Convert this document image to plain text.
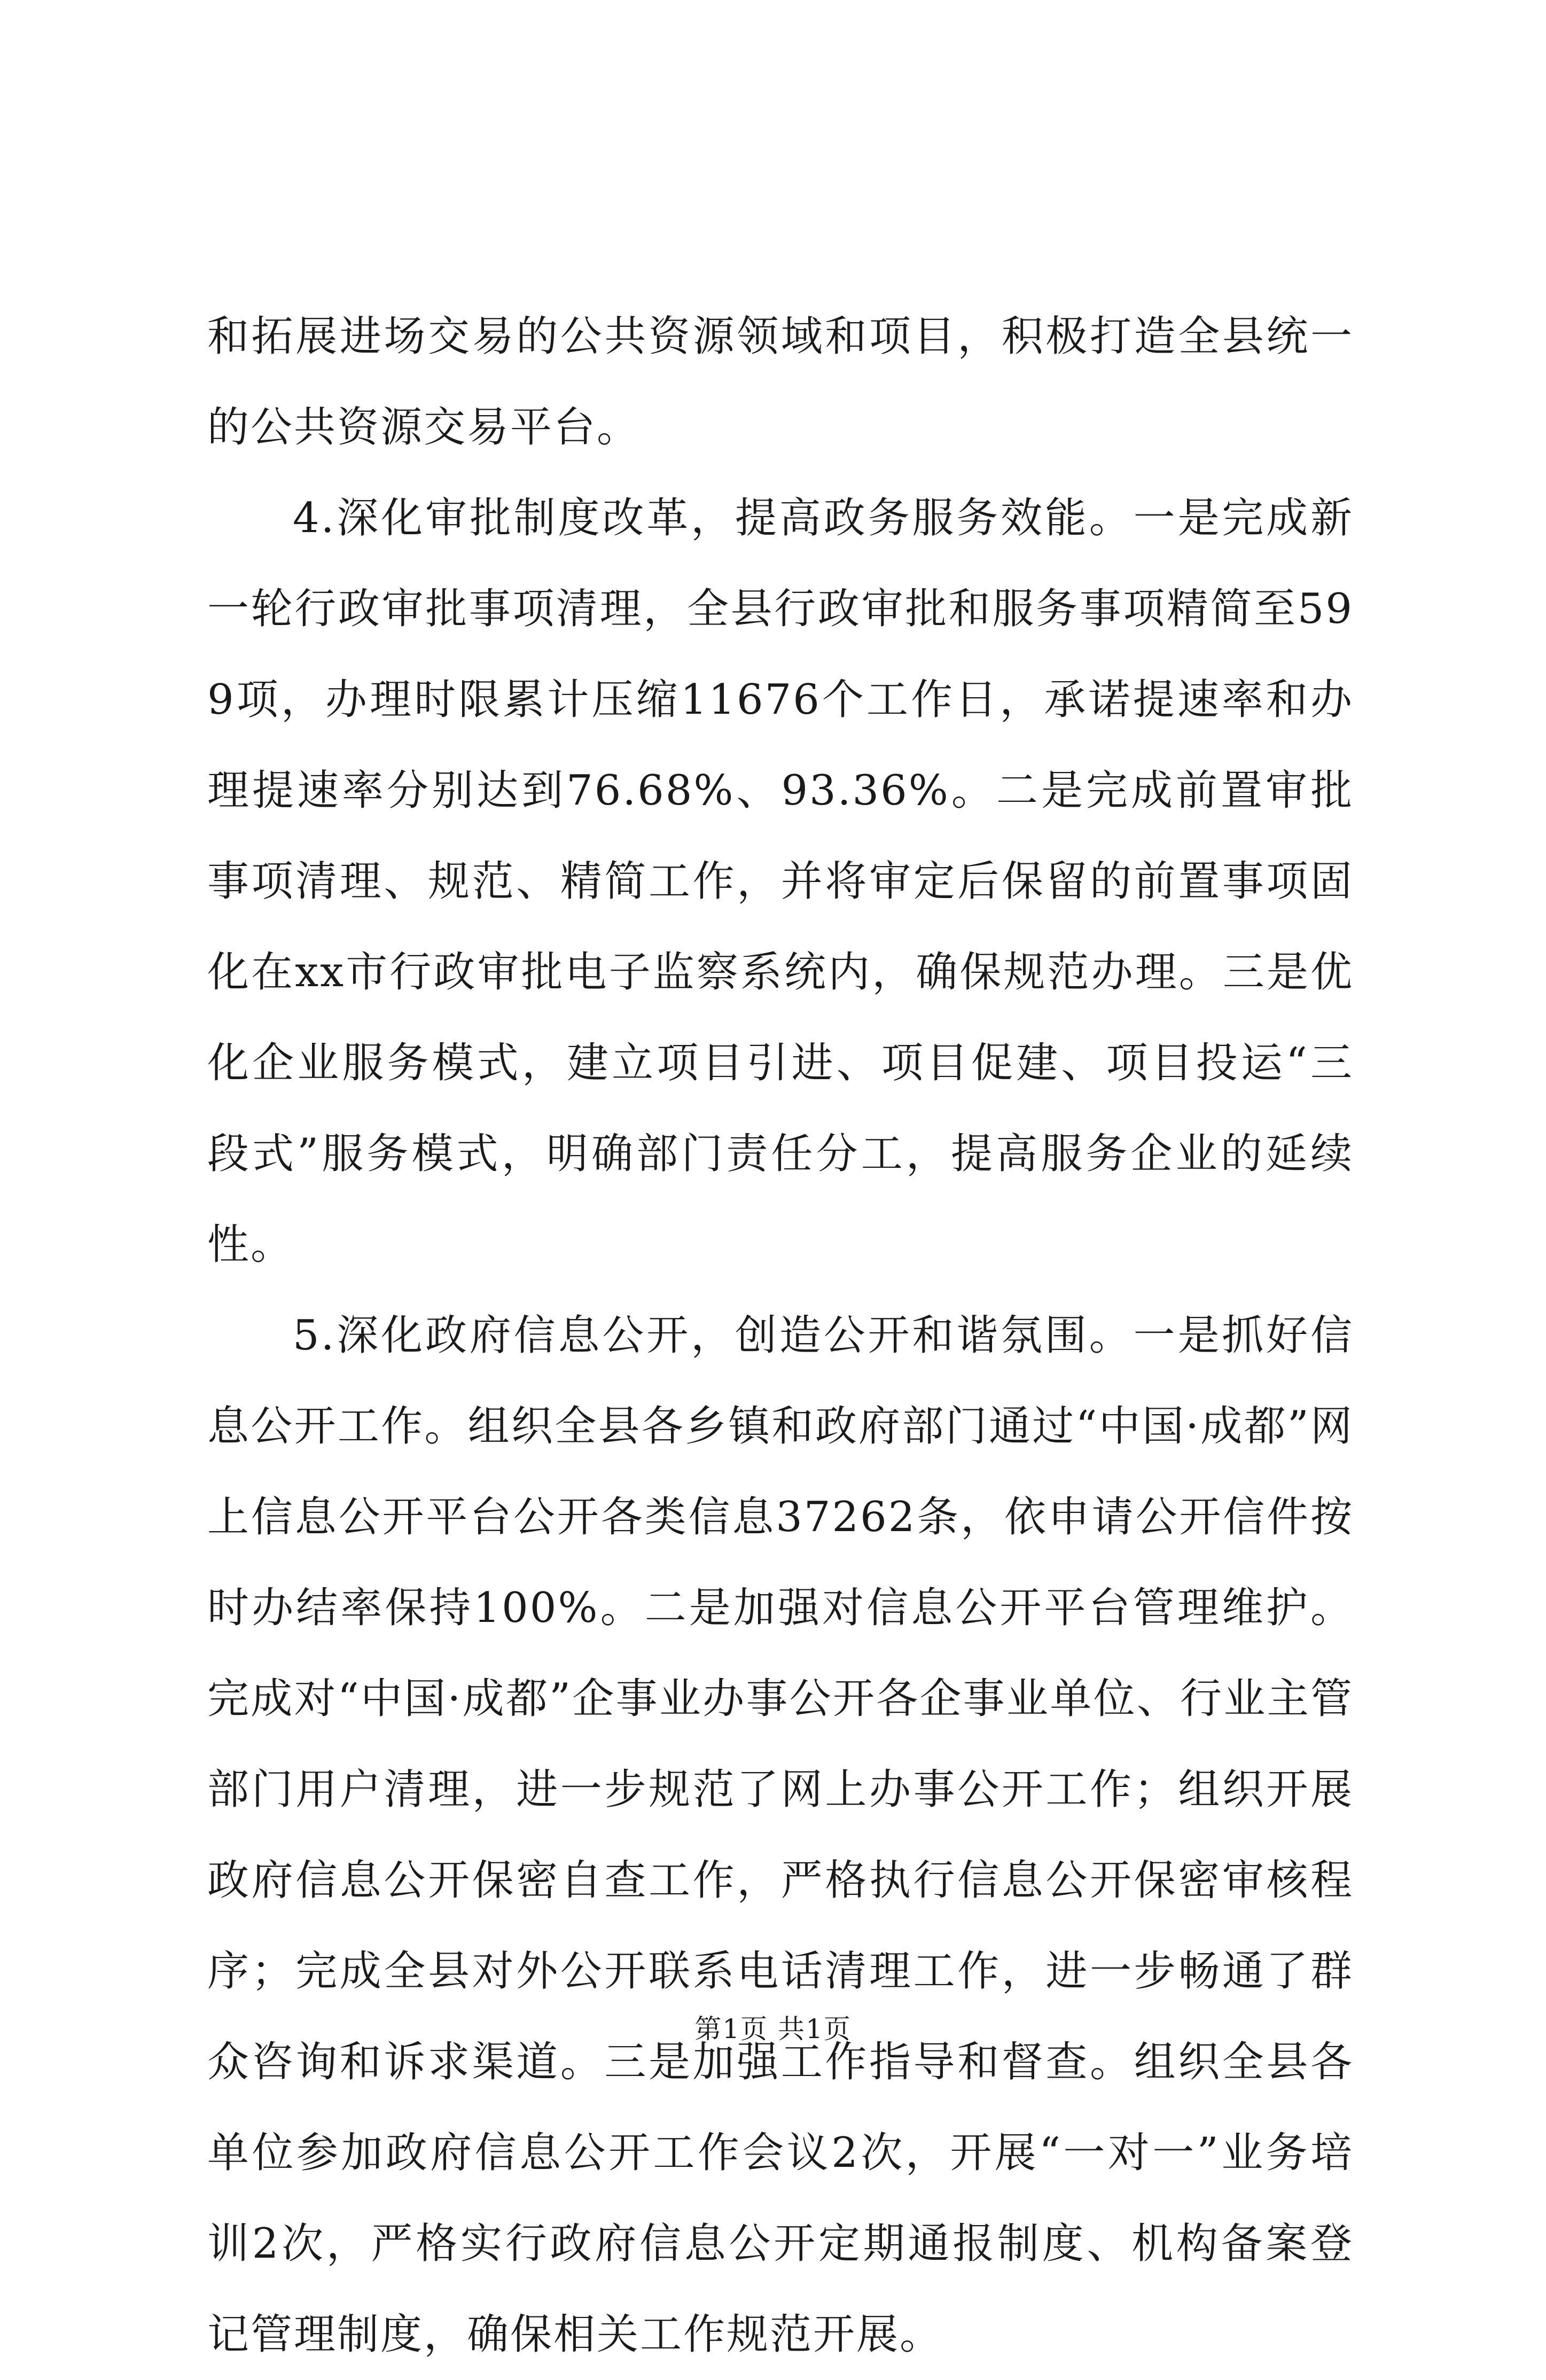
和拓展进场交易的公共资源领域和项目，积极打造全县统一的公共资源交易平台。

4.深化审批制度改革，提高政务服务效能。一是完成新一轮行政审批事项清理，全县行政审批和服务事项精简至599项，办理时限累计压缩11676个工作日，承诺提速率和办理提速率分别达到76.68%、93.36%。二是完成前置审批事项清理、规范、精简工作，并将审定后保留的前置事项固化在xx市行政审批电子监察系统内，确保规范办理。三是优化企业服务模式，建立项目引进、项目促建、项目投运“三段式”服务模式，明确部门责任分工，提高服务企业的延续性。

5.深化政府信息公开，创造公开和谐氛围。一是抓好信息公开工作。组织全县各乡镇和政府部门通过“中国·成都”网上信息公开平台公开各类信息37262条，依申请公开信件按时办结率保持100%。二是加强对信息公开平台管理维护。完成对“中国·成都”企事业办事公开各企事业单位、行业主管部门用户清理，进一步规范了网上办事公开工作；组织开展政府信息公开保密自查工作，严格执行信息公开保密审核程序；完成全县对外公开联系电话清理工作，进一步畅通了群众咨询和诉求渠道。三是加强工作指导和督查。组织全县各单位参加政府信息公开工作会议2次，开展“一对一”业务培训2次，严格实行政府信息公开定期通报制度、机构备案登记管理制度，确保相关工作规范开展。

第1页 共1页
